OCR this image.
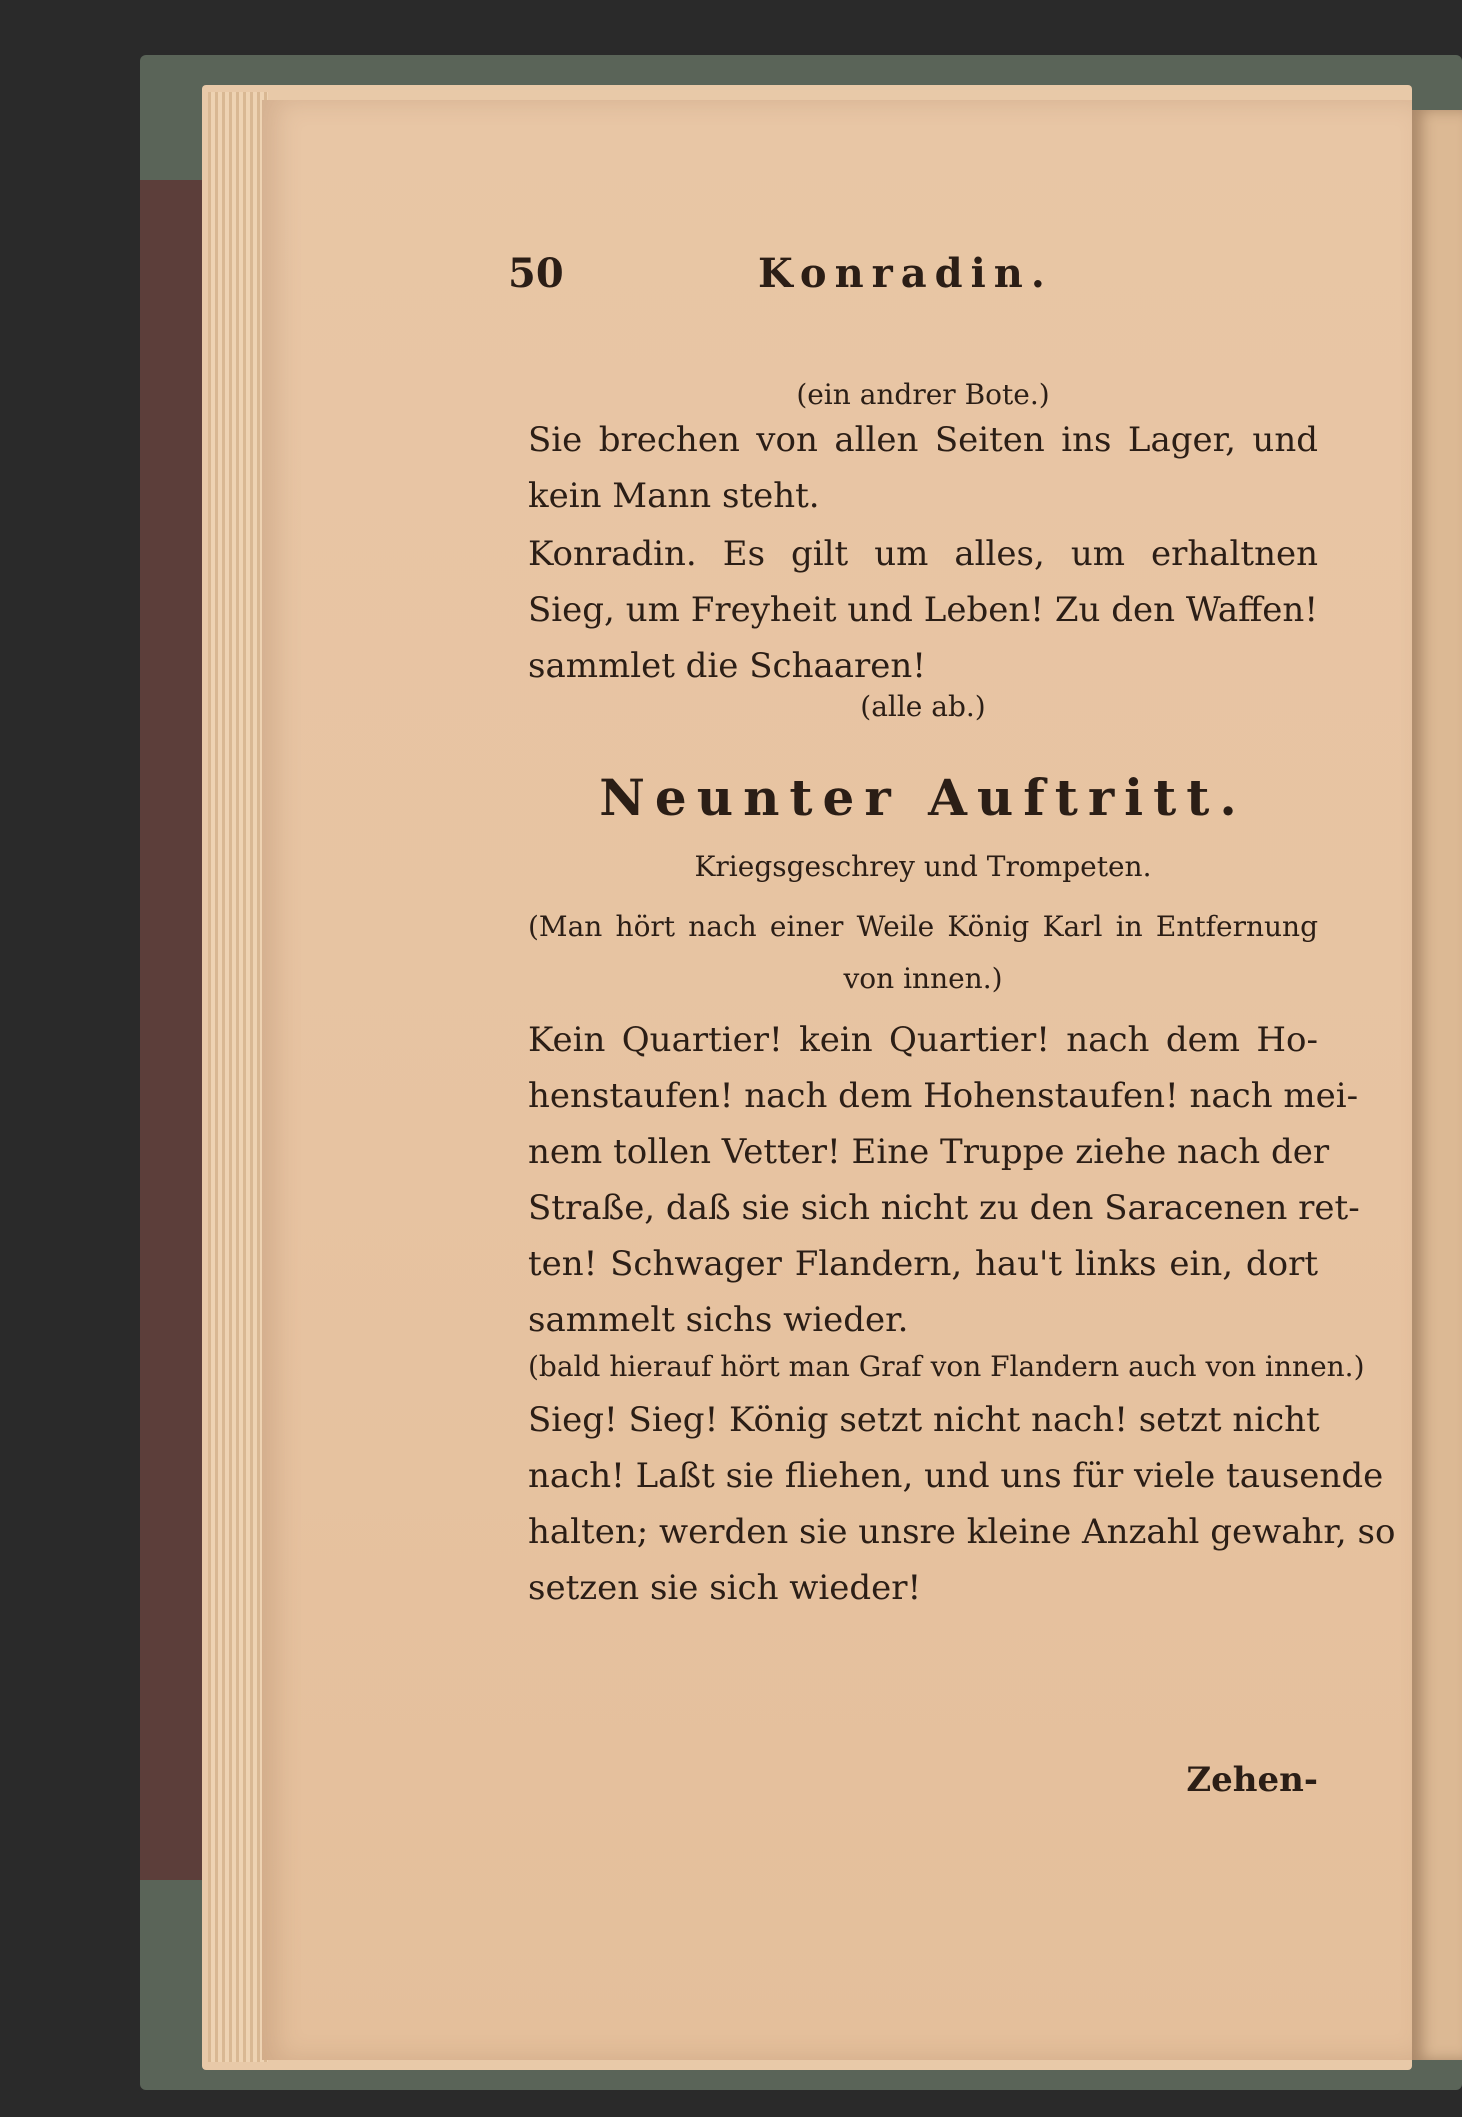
50	Konradin.
(ein andrer Bote.)
Sie brechen von allen Seiten ins Lager, und
kein Mann steht.
Konradin. Es gilt um alles, um erhaltnen
Sieg, um Freyheit und Leben! Zu den Waffen!
sammlet die Schaaren!
(alle ab.)
Neunter Auftritt.
Kriegsgeschrey und Trompeten.
(Man hört nach einer Weile König Karl in Entfernung
von innen.)
Kein Quartier! kein Quartier! nach dem Ho-
henstaufen! nach dem Hohenstaufen! nach mei-
nem tollen Vetter! Eine Truppe ziehe nach der
Straße, daß sie sich nicht zu den Saracenen ret-
ten! Schwager Flandern, hau't links ein, dort
sammelt sichs wieder.
(bald hierauf hört man Graf von Flandern auch von innen.)
Sieg! Sieg! König setzt nicht nach! setzt nicht
nach! Laßt sie fliehen, und uns für viele tausende
halten; werden sie unsre kleine Anzahl gewahr, so
setzen sie sich wieder!
Zehen-
